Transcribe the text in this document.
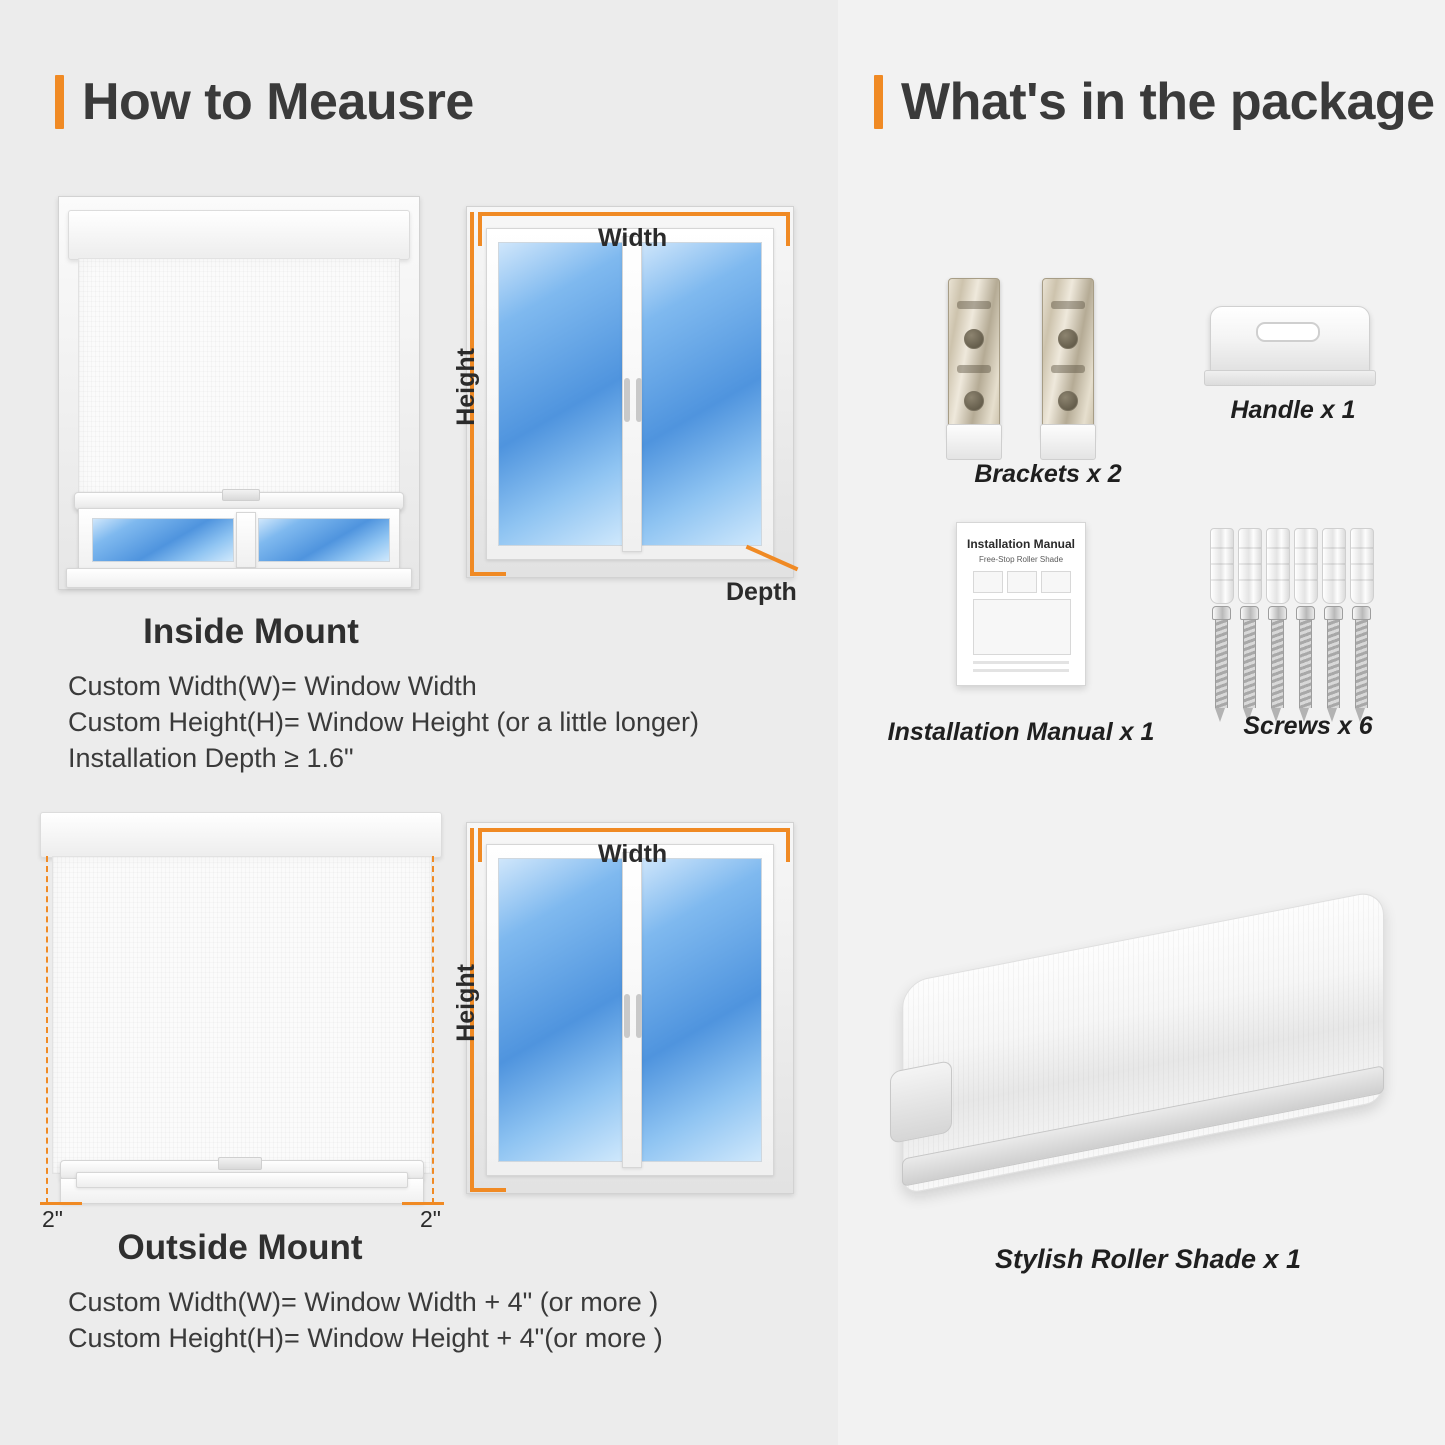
How to Meausre
Width
Height
Depth
Inside Mount
Custom Width(W)= Window Width
Custom Height(H)= Window Height (or a little longer)
Installation Depth ≥ 1.6"
2"	2"
Width
Height
Outside Mount
Custom Width(W)= Window Width + 4" (or more )
Custom Height(H)= Window Height + 4"(or more )
What's in the package
Brackets x 2
Handle x 1
Installation Manual
Free-Stop Roller Shade
Installation Manual x 1	Screws x 6
Stylish Roller Shade x 1
